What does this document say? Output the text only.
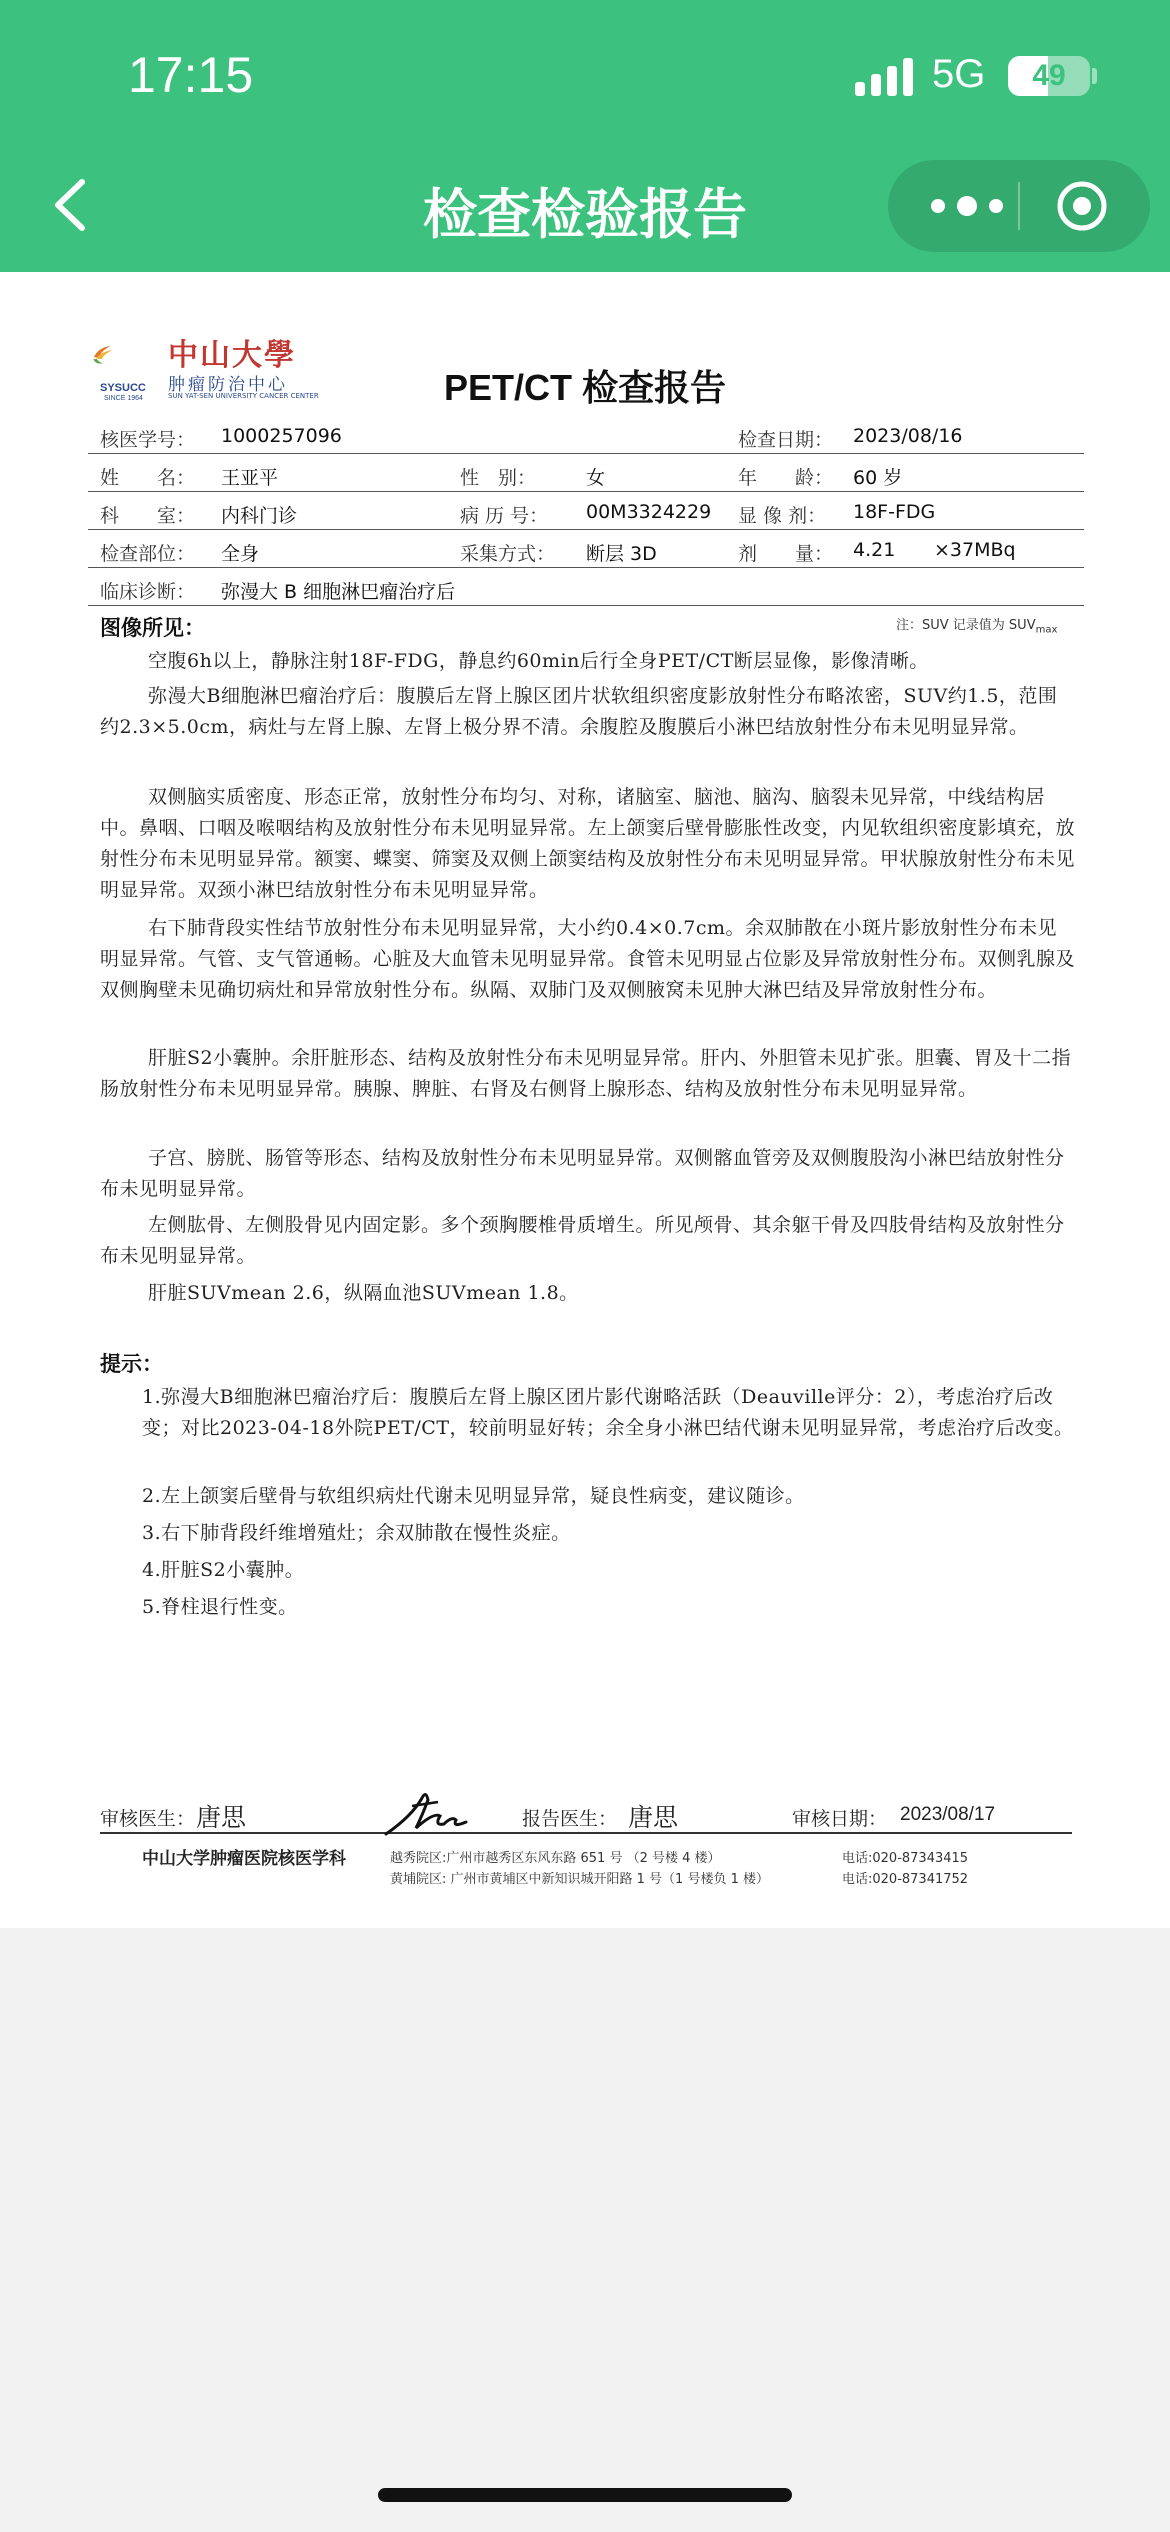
17:15	5G	49
检查检验报告
中山大學
肿瘤防治中心
SUN YAT-SEN UNIVERSITY CANCER CENTER
SYSUCC
SINCE 1964	PET/CT 检查报告
核医学号： 1000257096	检查日期： 2023/08/16
姓　　名： 王亚平	性　别：	女	年　　龄： 60 岁
科　　室： 内科门诊	病 历 号： 00M3324229 显 像 剂： 18F-FDG
检查部位： 全身	采集方式： 断层 3D	剂　　量： 4.21 ×37MBq
临床诊断： 弥漫大 B 细胞淋巴瘤治疗后
图像所见：	注：SUV 记录值为 $SUV_{max}$
空腹6h以上，静脉注射18F-FDG，静息约60min后行全身PET/CT断层显像，影像清晰。
弥漫大B细胞淋巴瘤治疗后：腹膜后左肾上腺区团片状软组织密度影放射性分布略浓密，SUV约1.5，范围约2.3×5.0cm，病灶与左肾上腺、左肾上极分界不清。余腹腔及腹膜后小淋巴结放射性分布未见明显异常。
双侧脑实质密度、形态正常，放射性分布均匀、对称，诸脑室、脑池、脑沟、脑裂未见异常，中线结构居中。鼻咽、口咽及喉咽结构及放射性分布未见明显异常。左上颌窦后壁骨膨胀性改变，内见软组织密度影填充，放射性分布未见明显异常。额窦、蝶窦、筛窦及双侧上颌窦结构及放射性分布未见明显异常。甲状腺放射性分布未见明显异常。双颈小淋巴结放射性分布未见明显异常。
右下肺背段实性结节放射性分布未见明显异常，大小约0.4×0.7cm。余双肺散在小斑片影放射性分布未见明显异常。气管、支气管通畅。心脏及大血管未见明显异常。食管未见明显占位影及异常放射性分布。双侧乳腺及双侧胸壁未见确切病灶和异常放射性分布。纵隔、双肺门及双侧腋窝未见肿大淋巴结及异常放射性分布。
肝脏S2小囊肿。余肝脏形态、结构及放射性分布未见明显异常。肝内、外胆管未见扩张。胆囊、胃及十二指肠放射性分布未见明显异常。胰腺、脾脏、右肾及右侧肾上腺形态、结构及放射性分布未见明显异常。
子宫、膀胱、肠管等形态、结构及放射性分布未见明显异常。双侧髂血管旁及双侧腹股沟小淋巴结放射性分布未见明显异常。
左侧肱骨、左侧股骨见内固定影。多个颈胸腰椎骨质增生。所见颅骨、其余躯干骨及四肢骨结构及放射性分布未见明显异常。
肝脏SUVmean 2.6，纵隔血池SUVmean 1.8。
提示：
1.弥漫大B细胞淋巴瘤治疗后：腹膜后左肾上腺区团片影代谢略活跃（Deauville评分：2），考虑治疗后改变；对比2023-04-18外院PET/CT，较前明显好转；余全身小淋巴结代谢未见明显异常，考虑治疗后改变。
2.左上颌窦后壁骨与软组织病灶代谢未见明显异常，疑良性病变，建议随诊。
3.右下肺背段纤维增殖灶；余双肺散在慢性炎症。
4.肝脏S2小囊肿。
5.脊柱退行性变。
审核医生： 唐思	报告医生： 唐思	审核日期： 2023/08/17
中山大学肿瘤医院核医学科	越秀院区:广州市越秀区东风东路 651 号 （2 号楼 4 楼）
黄埔院区: 广州市黄埔区中新知识城开阳路 1 号（1 号楼负 1 楼）
电话:020-87343415
电话:020-87341752
